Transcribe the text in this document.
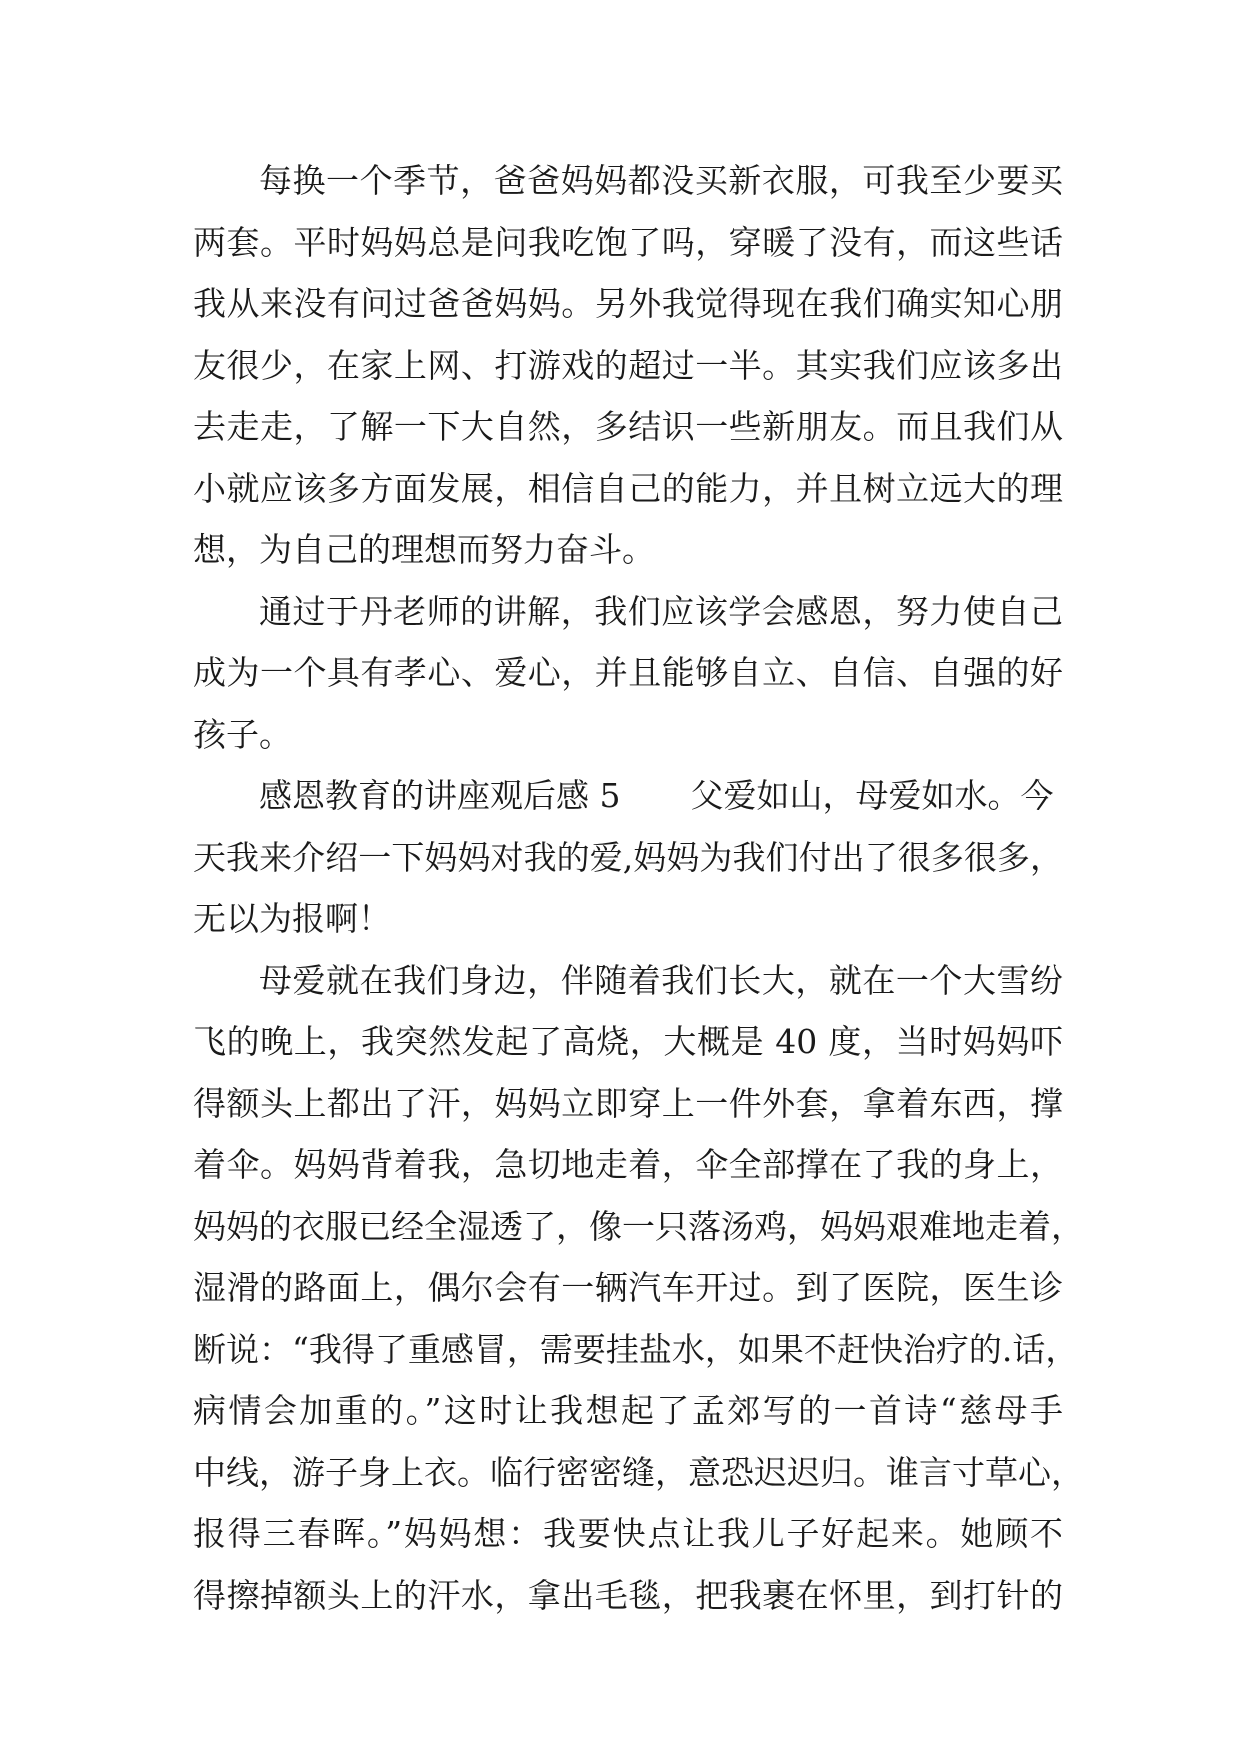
每换一个季节，爸爸妈妈都没买新衣服，可我至少要买
两套。平时妈妈总是问我吃饱了吗，穿暖了没有，而这些话
我从来没有问过爸爸妈妈。另外我觉得现在我们确实知心朋
友很少，在家上网、打游戏的超过一半。其实我们应该多出
去走走，了解一下大自然，多结识一些新朋友。而且我们从
小就应该多方面发展，相信自己的能力，并且树立远大的理
想，为自己的理想而努力奋斗。
通过于丹老师的讲解，我们应该学会感恩，努力使自己
成为一个具有孝心、爱心，并且能够自立、自信、自强的好
孩子。
感恩教育的讲座观后感 5 父爱如山，母爱如水。今
天我来介绍一下妈妈对我的爱,妈妈为我们付出了很多很多，
无以为报啊！
母爱就在我们身边，伴随着我们长大，就在一个大雪纷
飞的晚上，我突然发起了高烧，大概是 40 度，当时妈妈吓
得额头上都出了汗，妈妈立即穿上一件外套，拿着东西，撑
着伞。妈妈背着我，急切地走着，伞全部撑在了我的身上，
妈妈的衣服已经全湿透了，像一只落汤鸡，妈妈艰难地走着，
湿滑的路面上，偶尔会有一辆汽车开过。到了医院，医生诊
断说：“我得了重感冒，需要挂盐水，如果不赶快治疗的.话，
病情会加重的。”这时让我想起了孟郊写的一首诗“慈母手
中线，游子身上衣。临行密密缝，意恐迟迟归。谁言寸草心，
报得三春晖。”妈妈想：我要快点让我儿子好起来。她顾不
得擦掉额头上的汗水，拿出毛毯，把我裹在怀里，到打针的
